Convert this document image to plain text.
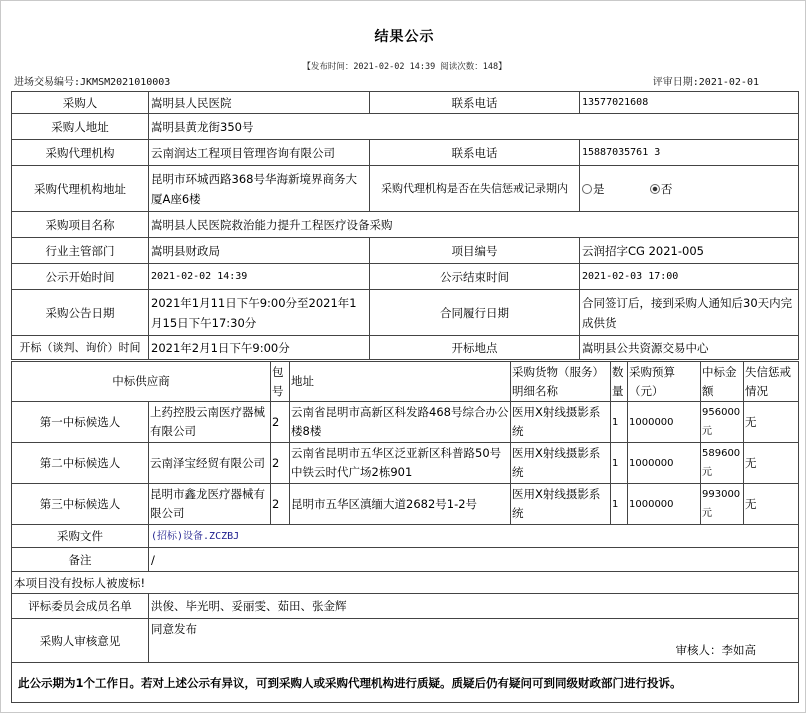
结果公示
【发布时间：2021-02-02 14:39 阅读次数：148】
进场交易编号:JKMSM2021010003	评审日期:2021-02-01
采购人	嵩明县人民医院	联系电话	13577021608
采购人地址	嵩明县黄龙街350号		
采购代理机构	云南润达工程项目管理咨询有限公司	联系电话	15887035761 3
采购代理机构地址	昆明市环城西路368号华海新境界商务大厦A座6楼	采购代理机构是否在失信惩戒记录期内	是 否
采购项目名称	嵩明县人民医院救治能力提升工程医疗设备采购		
行业主管部门	嵩明县财政局	项目编号	云润招字CG 2021-005
公示开始时间	2021-02-02 14:39	公示结束时间	2021-02-03 17:00
采购公告日期	2021年1月11日下午9:00分至2021年1月15日下午17:30分	合同履行日期	合同签订后，接到采购人通知后30天内完成供货
开标（谈判、询价）时间	2021年2月1日下午9:00分	开标地点	嵩明县公共资源交易中心
中标供应商		包号	地址	采购货物（服务）明细名称	数量	采购预算（元）	中标金额	失信惩戒情况
第一中标候选人	上药控股云南医疗器械有限公司	2	云南省昆明市高新区科发路468号综合办公楼8楼	医用X射线摄影系统	1	1000000	956000元	无
第二中标候选人	云南泽宝经贸有限公司	2	云南省昆明市五华区泛亚新区科普路50号中铁云时代广场2栋901	医用X射线摄影系统	1	1000000	589600元	无
第三中标候选人	昆明市鑫龙医疗器械有限公司	2	昆明市五华区滇缅大道2682号1-2号	医用X射线摄影系统	1	1000000	993000元	无
采购文件	(招标)设备.ZCZBJ
备注	/
本项目没有投标人被废标!	
评标委员会成员名单	洪俊、毕光明、妥丽雯、茹田、张金辉
采购人审核意见	同意发布
审核人：李如高

此公示期为1个工作日。若对上述公示有异议，可到采购人或采购代理机构进行质疑。质疑后仍有疑问可到同级财政部门进行投诉。	
